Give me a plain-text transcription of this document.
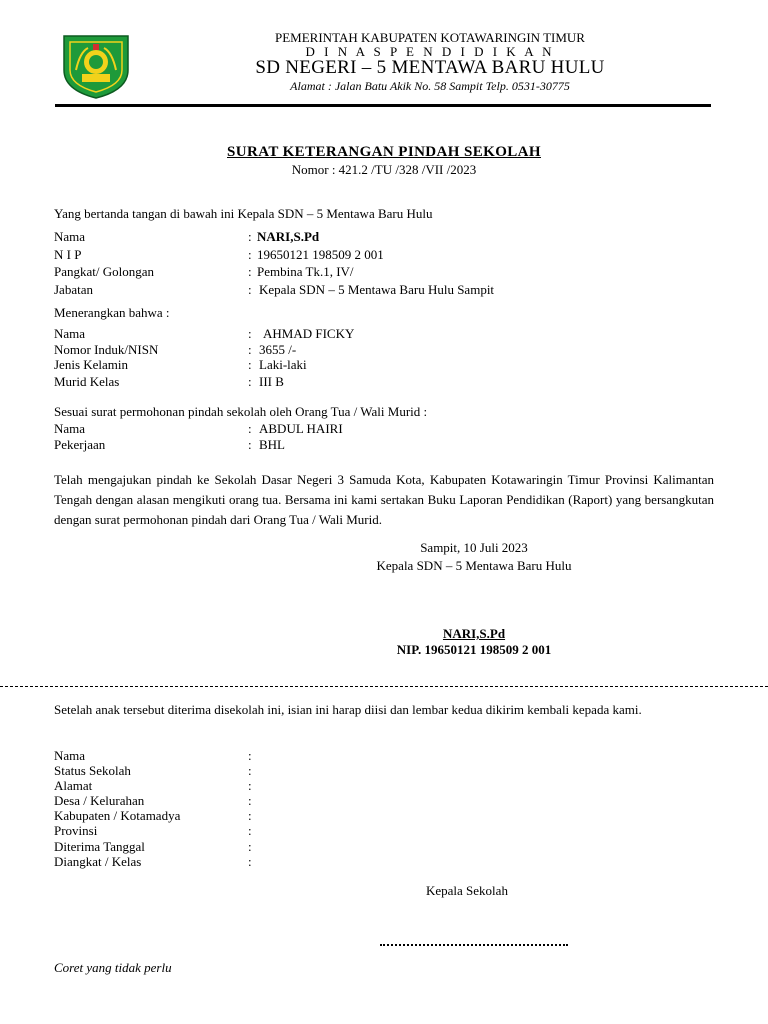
PEMERINTAH KABUPATEN KOTAWARINGIN TIMUR
D I N A S P E N D I D I K A N
SD NEGERI – 5 MENTAWA BARU HULU
Alamat : Jalan Batu Akik No. 58 Sampit Telp. 0531-30775
SURAT KETERANGAN PINDAH SEKOLAH
Nomor : 421.2 /TU /328 /VII /2023
Yang bertanda tangan di bawah ini Kepala SDN – 5 Mentawa Baru Hulu
Nama	: NARI,S.Pd
N I P	: 19650121 198509 2 001
Pangkat/ Golongan	: Pembina Tk.1, IV/
Jabatan	: Kepala SDN – 5 Mentawa Baru Hulu Sampit
Menerangkan bahwa :
Nama	: AHMAD FICKY
Nomor Induk/NISN	: 3655 /-
Jenis Kelamin	: Laki-laki
Murid Kelas	: III B
Sesuai surat permohonan pindah sekolah oleh Orang Tua / Wali Murid :
Nama	: ABDUL HAIRI
Pekerjaan	: BHL
Telah mengajukan pindah ke Sekolah Dasar Negeri 3 Samuda Kota, Kabupaten Kotawaringin Timur Provinsi Kalimantan Tengah dengan alasan mengikuti orang tua. Bersama ini kami sertakan Buku Laporan Pendidikan (Raport) yang bersangkutan dengan surat permohonan pindah dari Orang Tua / Wali Murid.
Sampit, 10 Juli 2023
Kepala SDN – 5 Mentawa Baru Hulu
NARI,S.Pd
NIP. 19650121 198509 2 001
Setelah anak tersebut diterima disekolah ini, isian ini harap diisi dan lembar kedua dikirim kembali kepada kami.
Nama	:
Status Sekolah	:
Alamat	:
Desa / Kelurahan	:
Kabupaten / Kotamadya	:
Provinsi	:
Diterima Tanggal	:
Diangkat / Kelas	:
Kepala Sekolah
Coret yang tidak perlu
